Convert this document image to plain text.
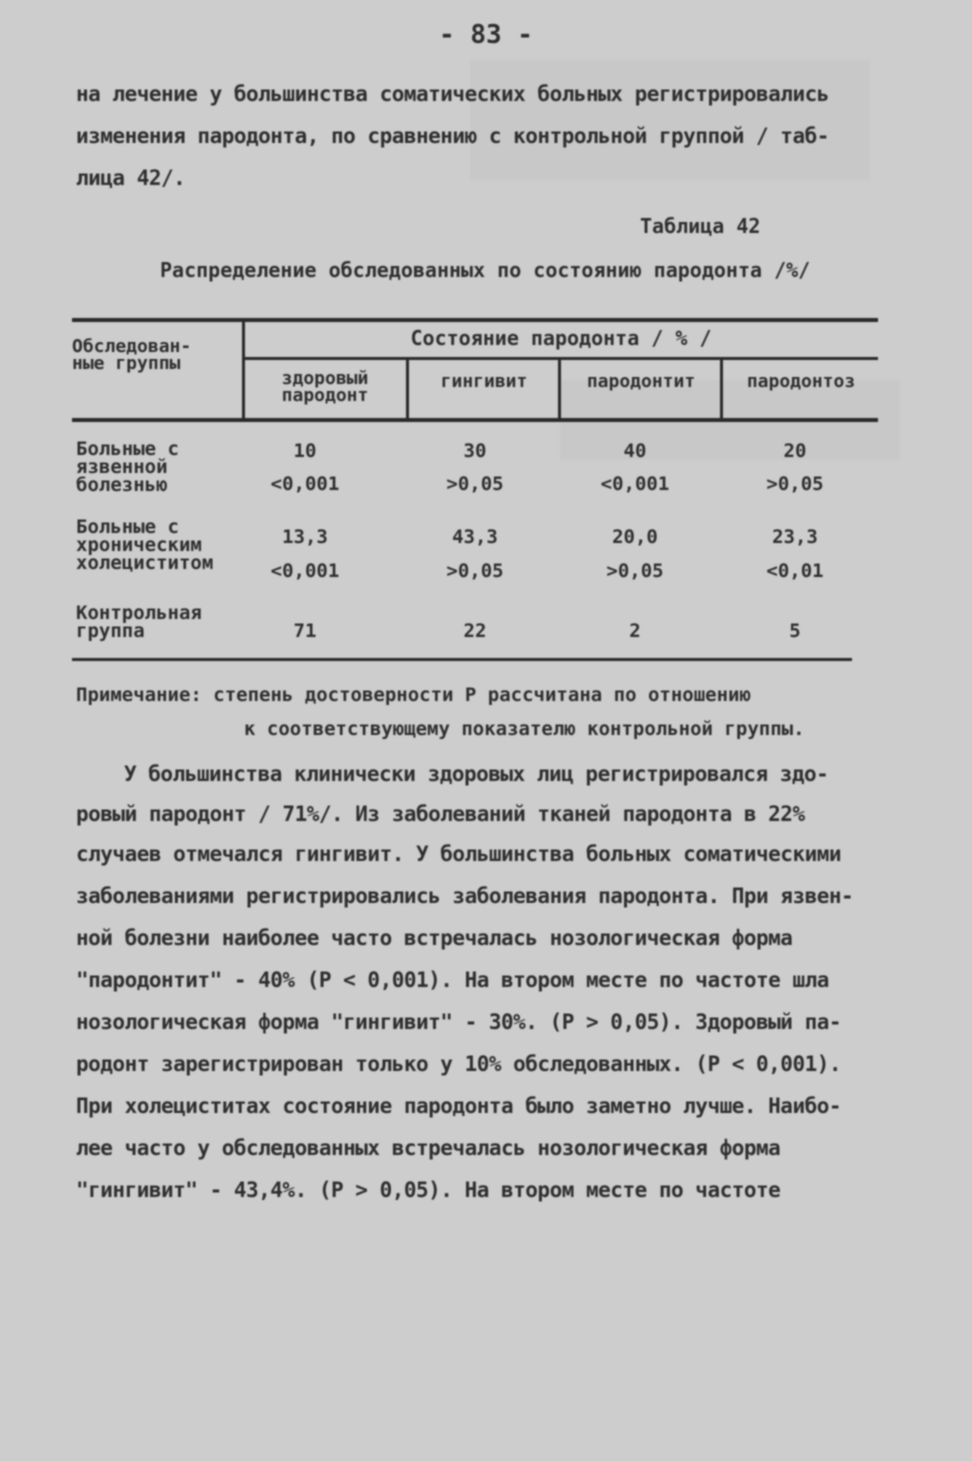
- 83 -
на лечение у большинства соматических больных регистрировались
изменения пародонта, по сравнению с контрольной группой / таб-
лица 42/.
Таблица 42
Распределение обследованных по состоянию пародонта /%/
Обследован-
ные группы
Состояние пародонта / % /
здоровый
пародонт
гингивит	пародонтит	пародонтоз
Больные с
язвенной
болезнью
10	30	40	20
<0,001	>0,05	<0,001	>0,05
Больные с
хроническим
холециститом
13,3	43,3	20,0	23,3
<0,001	>0,05	>0,05	<0,01
Контрольная
группа	71	22	2	5
Примечание: степень достоверности Р рассчитана по отношению
к соответствующему показателю контрольной группы.
У большинства клинически здоровых лиц регистрировался здо-
ровый пародонт / 71%/. Из заболеваний тканей пародонта в 22%
случаев отмечался гингивит. У большинства больных соматическими
заболеваниями регистрировались заболевания пародонта. При язвен-
ной болезни наиболее часто встречалась нозологическая форма
"пародонтит" - 40% (Р < 0,001). На втором месте по частоте шла
нозологическая форма "гингивит" - 30%. (Р > 0,05). Здоровый па-
родонт зарегистрирован только у 10% обследованных. (Р < 0,001).
При холециститах состояние пародонта было заметно лучше. Наибо-
лее часто у обследованных встречалась нозологическая форма
"гингивит" - 43,4%. (Р > 0,05). На втором месте по частоте
